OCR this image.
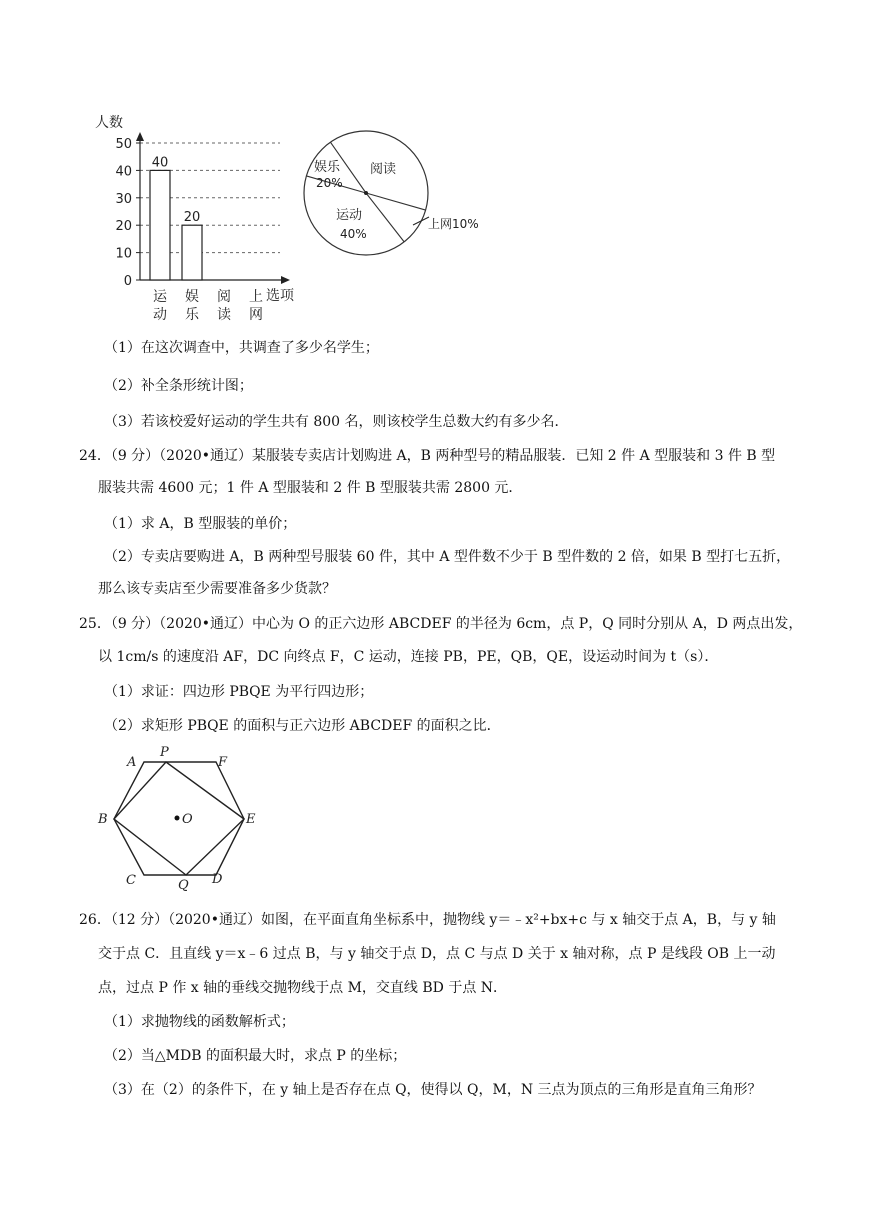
人数
50
40
30
20
10
0
40
20
运
动
娱
乐
阅
读
上
网
选项
娱乐
20%
阅读
运动
40%
上网10%
（1）在这次调查中，共调查了多少名学生；
（2）补全条形统计图；
（3）若该校爱好运动的学生共有 800 名，则该校学生总数大约有多少名．
24．（9 分）（2020•通辽）某服装专卖店计划购进 A，B 两种型号的精品服装．已知 2 件 A 型服装和 3 件 B 型
服装共需 4600 元；1 件 A 型服装和 2 件 B 型服装共需 2800 元．
（1）求 A，B 型服装的单价；
（2）专卖店要购进 A，B 两种型号服装 60 件，其中 A 型件数不少于 B 型件数的 2 倍，如果 B 型打七五折，
那么该专卖店至少需要准备多少货款？
25．（9 分）（2020•通辽）中心为 O 的正六边形 ABCDEF 的半径为 6cm，点 P，Q 同时分别从 A，D 两点出发，
以 1cm/s 的速度沿 AF，DC 向终点 F，C 运动，连接 PB，PE，QB，QE，设运动时间为 t（s）．
（1）求证：四边形 PBQE 为平行四边形；
（2）求矩形 PBQE 的面积与正六边形 ABCDEF 的面积之比．
A
P
F
B	O	E
C	Q D
26．（12 分）（2020•通辽）如图，在平面直角坐标系中，抛物线 y＝﹣x²+bx+c 与 x 轴交于点 A，B，与 y 轴
交于点 C．且直线 y＝x﹣6 过点 B，与 y 轴交于点 D，点 C 与点 D 关于 x 轴对称，点 P 是线段 OB 上一动
点，过点 P 作 x 轴的垂线交抛物线于点 M，交直线 BD 于点 N．
（1）求抛物线的函数解析式；
（2）当△MDB 的面积最大时，求点 P 的坐标；
（3）在（2）的条件下，在 y 轴上是否存在点 Q，使得以 Q，M，N 三点为顶点的三角形是直角三角形？
